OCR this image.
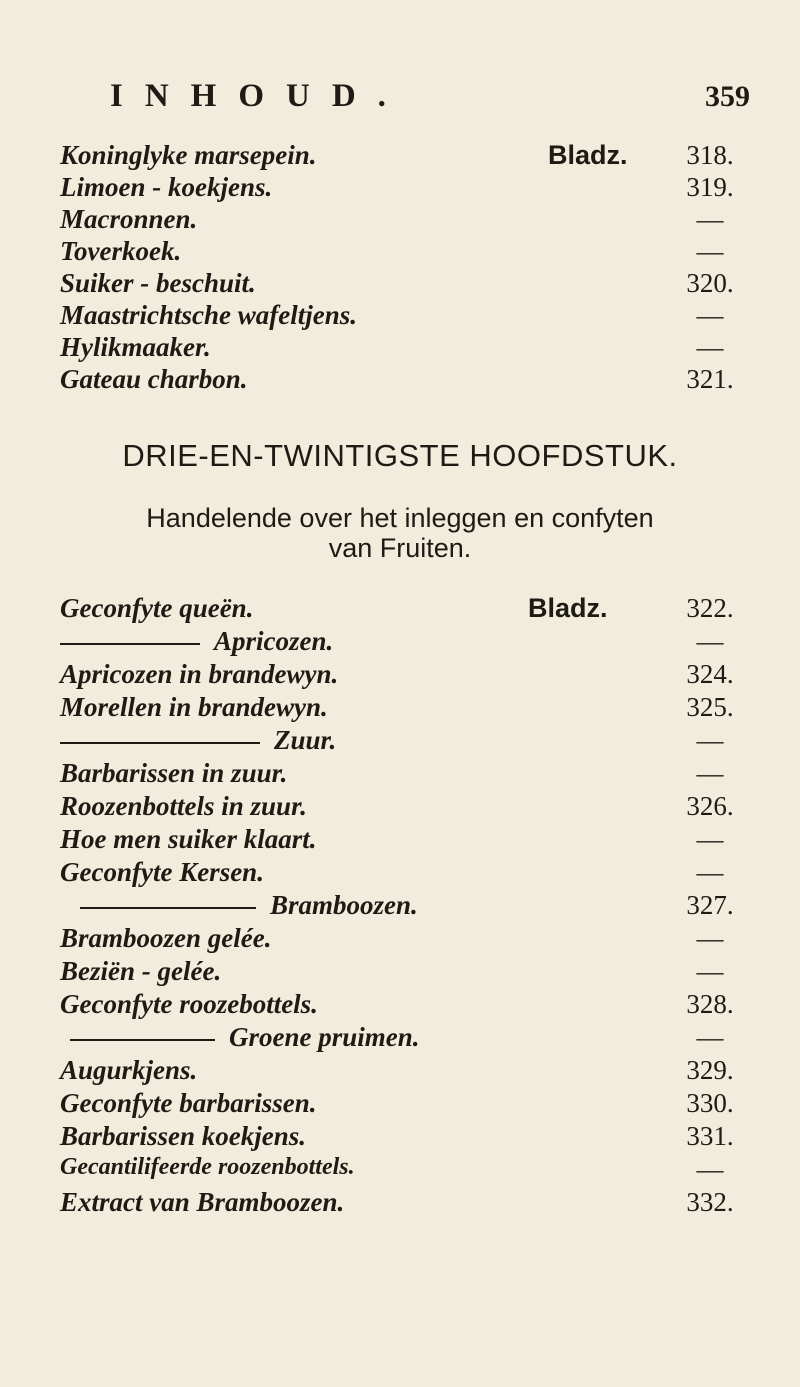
INHOUD.	359
Koninglyke marsepein.	Bladz.	318.
Limoen - koekjens.	319.
Macronnen.	—
Toverkoek.	—
Suiker - beschuit.	320.
Maastrichtsche wafeltjens.	—
Hylikmaaker.	—
Gateau charbon.	321.
DRIE-EN-TWINTIGSTE HOOFDSTUK.
Handelende over het inleggen en confyten
van Fruiten.
Geconfyte queën.	Bladz.	322.
Apricozen.	—
Apricozen in brandewyn.	324.
Morellen in brandewyn.	325.
Zuur.	—
Barbarissen in zuur.	—
Roozenbottels in zuur.	326.
Hoe men suiker klaart.	—
Geconfyte Kersen.	—
Bramboozen.	327.
Bramboozen gelée.	—
Beziën - gelée.	—
Geconfyte roozebottels.	328.
Groene pruimen.	—
Augurkjens.	329.
Geconfyte barbarissen.	330.
Barbarissen koekjens.	331.
Gecantilifeerde roozenbottels.	—
Extract van Bramboozen.	332.
